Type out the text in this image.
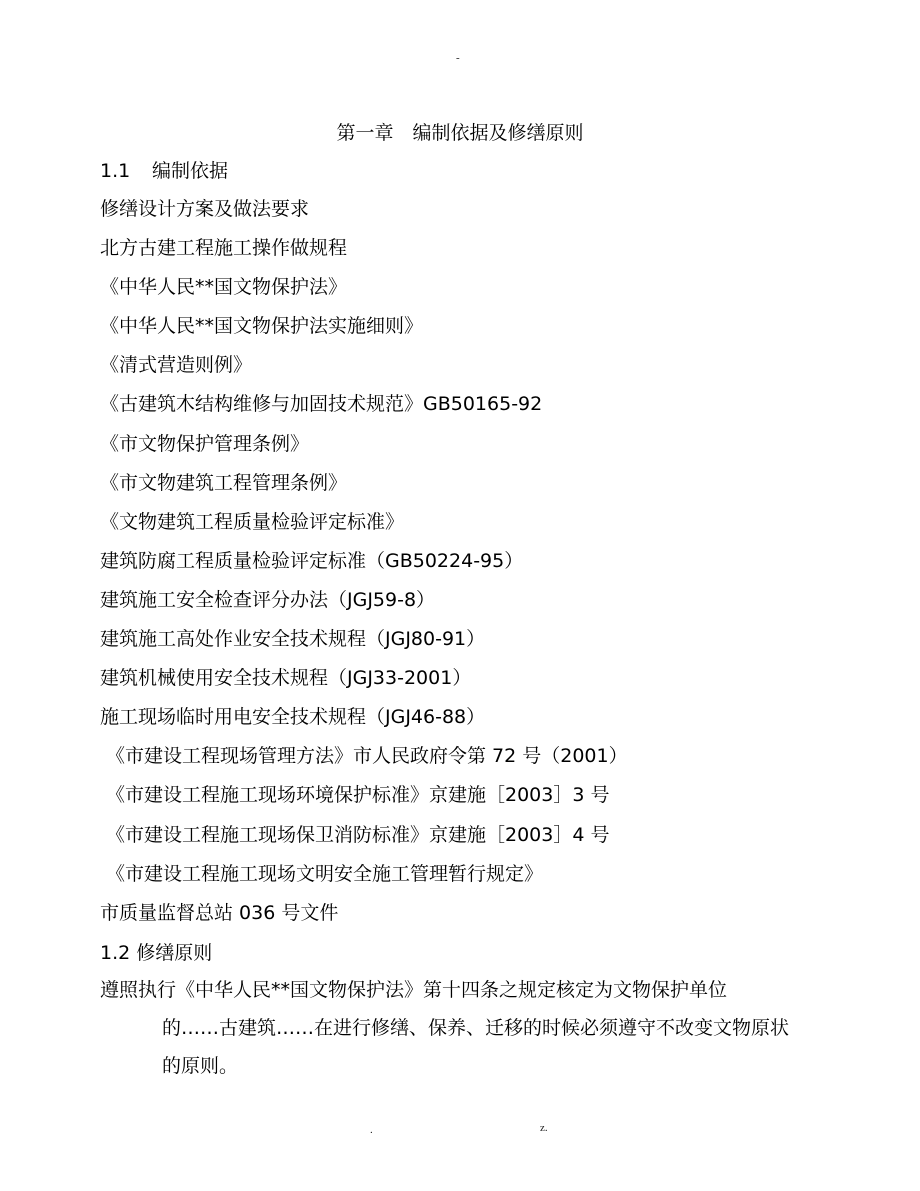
-
第一章　编制依据及修缮原则
1.1 编制依据
修缮设计方案及做法要求
北方古建工程施工操作做规程
《中华人民**国文物保护法》
《中华人民**国文物保护法实施细则》
《清式营造则例》
《古建筑木结构维修与加固技术规范》GB50165-92
《市文物保护管理条例》
《市文物建筑工程管理条例》
《文物建筑工程质量检验评定标准》
建筑防腐工程质量检验评定标准（GB50224-95）
建筑施工安全检查评分办法（JGJ59-8）
建筑施工高处作业安全技术规程（JGJ80-91）
建筑机械使用安全技术规程（JGJ33-2001）
施工现场临时用电安全技术规程（JGJ46-88）
《市建设工程现场管理方法》市人民政府令第 72 号（2001）
《市建设工程施工现场环境保护标准》京建施［2003］3 号
《市建设工程施工现场保卫消防标准》京建施［2003］4 号
《市建设工程施工现场文明安全施工管理暂行规定》
市质量监督总站 036 号文件
1.2 修缮原则
遵照执行《中华人民**国文物保护法》第十四条之规定核定为文物保护单位
的……古建筑……在进行修缮、保养、迁移的时候必须遵守不改变文物原状
的原则。
.	z.
